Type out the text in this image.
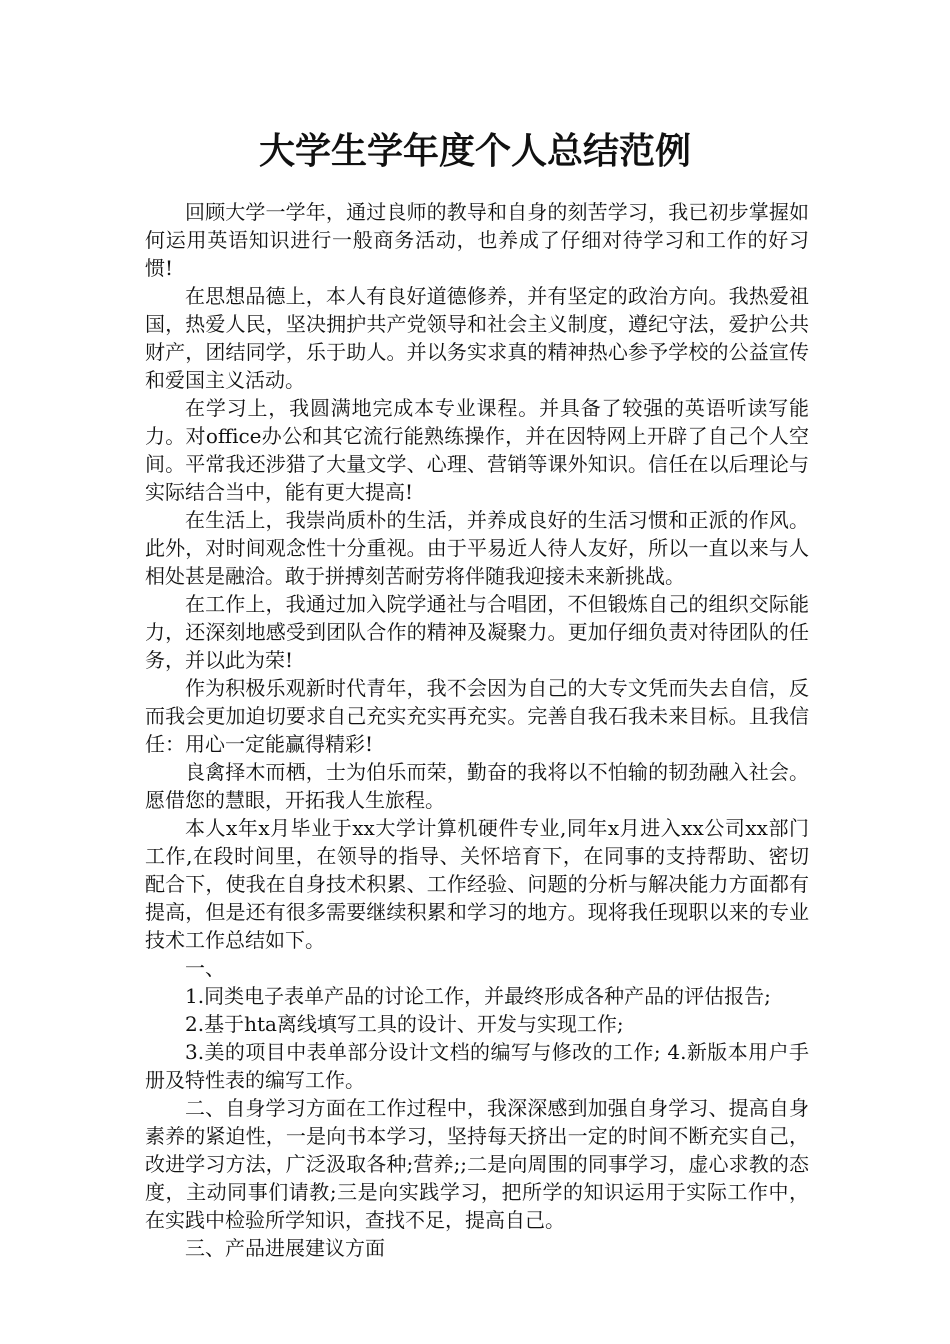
大学生学年度个人总结范例

回顾大学一学年，通过良师的教导和自身的刻苦学习，我已初步掌握如何运用英语知识进行一般商务活动，也养成了仔细对待学习和工作的好习惯!

在思想品德上，本人有良好道德修养，并有坚定的政治方向。我热爱祖国，热爱人民，坚决拥护共产党领导和社会主义制度，遵纪守法，爱护公共财产，团结同学，乐于助人。并以务实求真的精神热心参予学校的公益宣传和爱国主义活动。

在学习上，我圆满地完成本专业课程。并具备了较强的英语听读写能力。对office办公和其它流行能熟练操作，并在因特网上开辟了自己个人空间。平常我还涉猎了大量文学、心理、营销等课外知识。信任在以后理论与实际结合当中，能有更大提高!

在生活上，我崇尚质朴的生活，并养成良好的生活习惯和正派的作风。此外，对时间观念性十分重视。由于平易近人待人友好，所以一直以来与人相处甚是融洽。敢于拼搏刻苦耐劳将伴随我迎接未来新挑战。

在工作上，我通过加入院学通社与合唱团，不但锻炼自己的组织交际能力，还深刻地感受到团队合作的精神及凝聚力。更加仔细负责对待团队的任务，并以此为荣!

作为积极乐观新时代青年，我不会因为自己的大专文凭而失去自信，反而我会更加迫切要求自己充实充实再充实。完善自我石我未来目标。且我信任：用心一定能赢得精彩!

良禽择木而栖，士为伯乐而荣，勤奋的我将以不怕输的韧劲融入社会。愿借您的慧眼，开拓我人生旅程。

本人x年x月毕业于xx大学计算机硬件专业,同年x月进入xx公司xx部门工作,在段时间里，在领导的指导、关怀培育下，在同事的支持帮助、密切配合下，使我在自身技术积累、工作经验、问题的分析与解决能力方面都有提高，但是还有很多需要继续积累和学习的地方。现将我任现职以来的专业技术工作总结如下。

一、

1.同类电子表单产品的讨论工作，并最终形成各种产品的评估报告;

2.基于hta离线填写工具的设计、开发与实现工作;

3.美的项目中表单部分设计文档的编写与修改的工作; 4.新版本用户手册及特性表的编写工作。

二、自身学习方面在工作过程中，我深深感到加强自身学习、提高自身素养的紧迫性，一是向书本学习，坚持每天挤出一定的时间不断充实自己，改进学习方法，广泛汲取各种;营养;;二是向周围的同事学习，虚心求教的态度，主动同事们请教;三是向实践学习，把所学的知识运用于实际工作中，在实践中检验所学知识，查找不足，提高自己。

三、产品进展建议方面
